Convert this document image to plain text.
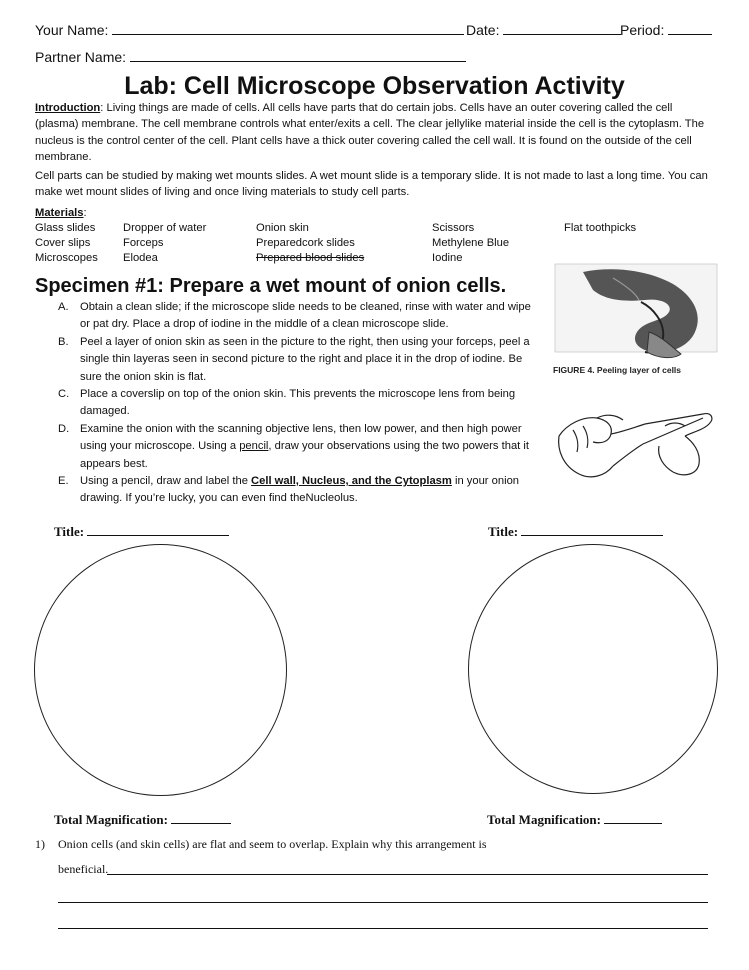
Your Name:	Date:	Period:
Partner Name:
Lab: Cell Microscope Observation Activity
Introduction: Living things are made of cells. All cells have parts that do certain jobs. Cells have an outer covering called the cell (plasma) membrane. The cell membrane controls what enter/exits a cell. The clear jellylike material inside the cell is the cytoplasm. The nucleus is the control center of the cell. Plant cells have a thick outer covering called the cell wall. It is found on the outside of the cell membrane.
Cell parts can be studied by making wet mounts slides. A wet mount slide is a temporary slide. It is not made to last a long time. You can make wet mount slides of living and once living materials to study cell parts.
Materials:
Glass slides
Cover slips
Microscopes
Dropper of water
Forceps
Elodea
Onion skin
Preparedcork slides
Prepared blood slides
Scissors
Methylene Blue
Iodine
Flat toothpicks
Specimen #1: Prepare a wet mount of onion cells.
A. Obtain a clean slide; if the microscope slide needs to be cleaned, rinse with water and wipe or pat dry. Place a drop of iodine in the middle of a clean microscope slide.
B. Peel a layer of onion skin as seen in the picture to the right, then using your forceps, peel a single thin layeras seen in second picture to the right and place it in the drop of iodine. Be sure the onion skin is flat.
C. Place a coverslip on top of the onion skin. This prevents the microscope lens from being damaged.
D. Examine the onion with the scanning objective lens, then low power, and then high power using your microscope. Using a pencil, draw your observations using the two powers that it appears best.
E. Using a pencil, draw and label the Cell wall, Nucleus, and the Cytoplasm in your onion drawing. If you’re lucky, you can even find theNucleolus.
FIGURE 4. Peeling layer of cells
Title:
Total Magnification:
Title:
Total Magnification:
1) Onion cells (and skin cells) are flat and seem to overlap. Explain why this arrangement is
beneficial.
